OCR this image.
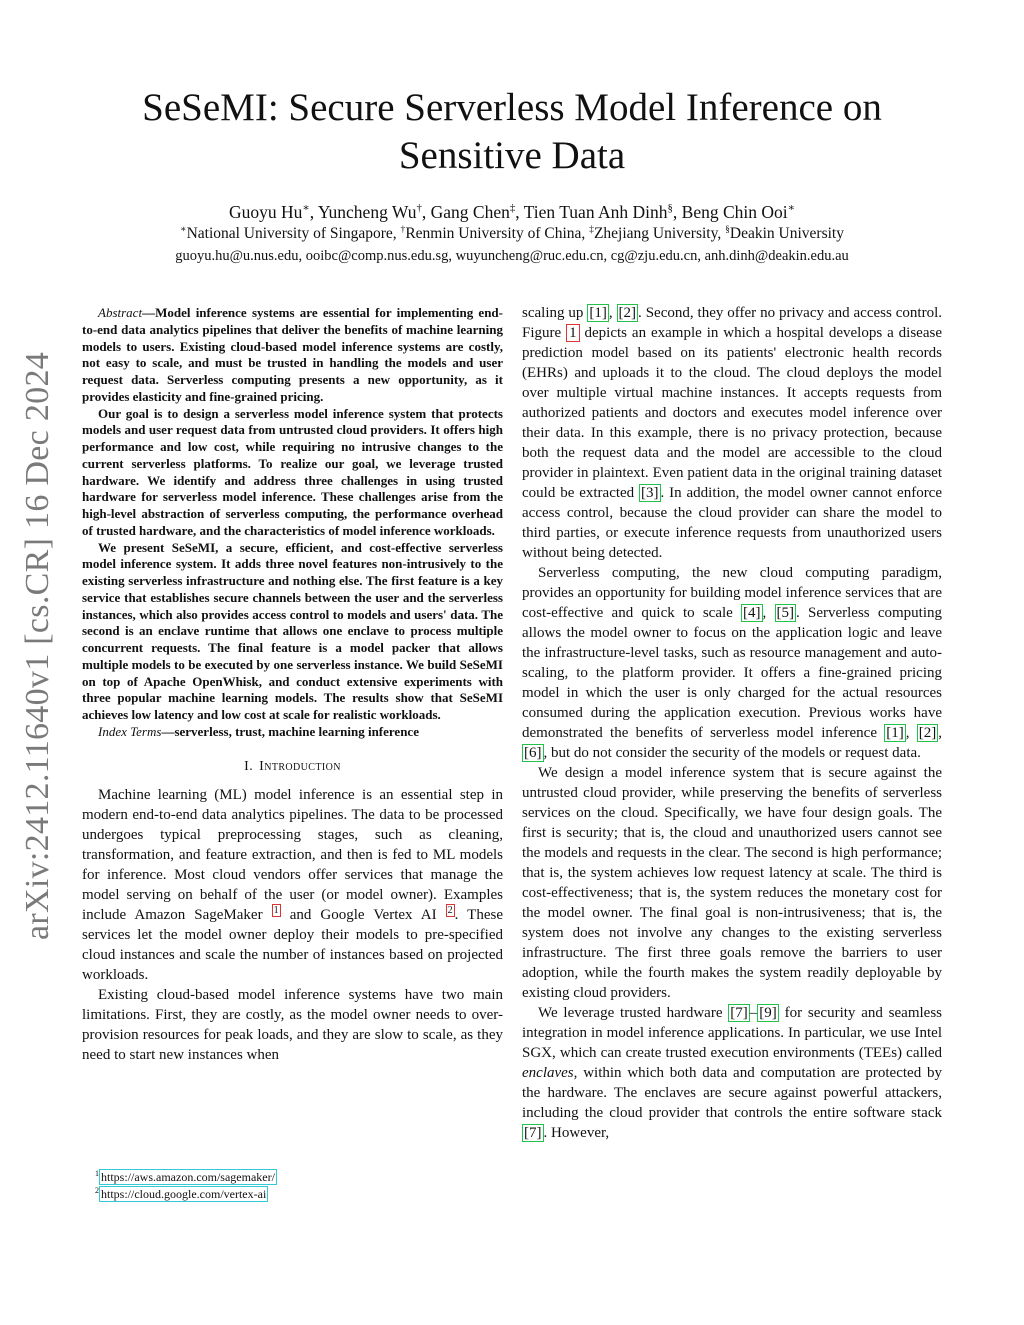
arXiv:2412.11640v1 [cs.CR] 16 Dec 2024
SeSeMI: Secure Serverless Model Inference on Sensitive Data
Guoyu Hu∗, Yuncheng Wu†, Gang Chen‡, Tien Tuan Anh Dinh§, Beng Chin Ooi∗
∗National University of Singapore, †Renmin University of China, ‡Zhejiang University, §Deakin University
guoyu.hu@u.nus.edu, ooibc@comp.nus.edu.sg, wuyuncheng@ruc.edu.cn, cg@zju.edu.cn, anh.dinh@deakin.edu.au

Abstract—Model inference systems are essential for implementing end-to-end data analytics pipelines that deliver the benefits of machine learning models to users. Existing cloud-based model inference systems are costly, not easy to scale, and must be trusted in handling the models and user request data. Serverless computing presents a new opportunity, as it provides elasticity and fine-grained pricing.

Our goal is to design a serverless model inference system that protects models and user request data from untrusted cloud providers. It offers high performance and low cost, while requiring no intrusive changes to the current serverless platforms. To realize our goal, we leverage trusted hardware. We identify and address three challenges in using trusted hardware for serverless model inference. These challenges arise from the high-level abstraction of serverless computing, the performance overhead of trusted hardware, and the characteristics of model inference workloads.

We present SeSeMI, a secure, efficient, and cost-effective serverless model inference system. It adds three novel features non-intrusively to the existing serverless infrastructure and nothing else. The first feature is a key service that establishes secure channels between the user and the serverless instances, which also provides access control to models and users' data. The second is an enclave runtime that allows one enclave to process multiple concurrent requests. The final feature is a model packer that allows multiple models to be executed by one serverless instance. We build SeSeMI on top of Apache OpenWhisk, and conduct extensive experiments with three popular machine learning models. The results show that SeSeMI achieves low latency and low cost at scale for realistic workloads.

Index Terms—serverless, trust, machine learning inference

I. Introduction

Machine learning (ML) model inference is an essential step in modern end-to-end data analytics pipelines. The data to be processed undergoes typical preprocessing stages, such as cleaning, transformation, and feature extraction, and then is fed to ML models for inference. Most cloud vendors offer services that manage the model serving on behalf of the user (or model owner). Examples include Amazon SageMaker $^1$ and Google Vertex AI $^2$ . These services let the model owner deploy their models to pre-specified cloud instances and scale the number of instances based on projected workloads.

Existing cloud-based model inference systems have two main limitations. First, they are costly, as the model owner needs to over-provision resources for peak loads, and they are slow to scale, as they need to start new instances when

$^1$ https://aws.amazon.com/sagemaker/

$^2$ https://cloud.google.com/vertex-ai

scaling up [1] , [2] . Second, they offer no privacy and access control. Figure 1 depicts an example in which a hospital develops a disease prediction model based on its patients' electronic health records (EHRs) and uploads it to the cloud. The cloud deploys the model over multiple virtual machine instances. It accepts requests from authorized patients and doctors and executes model inference over their data. In this example, there is no privacy protection, because both the request data and the model are accessible to the cloud provider in plaintext. Even patient data in the original training dataset could be extracted [3] . In addition, the model owner cannot enforce access control, because the cloud provider can share the model to third parties, or execute inference requests from unauthorized users without being detected.

Serverless computing, the new cloud computing paradigm, provides an opportunity for building model inference services that are cost-effective and quick to scale [4] , [5] . Serverless computing allows the model owner to focus on the application logic and leave the infrastructure-level tasks, such as resource management and auto-scaling, to the platform provider. It offers a fine-grained pricing model in which the user is only charged for the actual resources consumed during the application execution. Previous works have demonstrated the benefits of serverless model inference [1] , [2] , [6] , but do not consider the security of the models or request data.

We design a model inference system that is secure against the untrusted cloud provider, while preserving the benefits of serverless services on the cloud. Specifically, we have four design goals. The first is security; that is, the cloud and unauthorized users cannot see the models and requests in the clear. The second is high performance; that is, the system achieves low request latency at scale. The third is cost-effectiveness; that is, the system reduces the monetary cost for the model owner. The final goal is non-intrusiveness; that is, the system does not involve any changes to the existing serverless infrastructure. The first three goals remove the barriers to user adoption, while the fourth makes the system readily deployable by existing cloud providers.

We leverage trusted hardware [7] – [9] for security and seamless integration in model inference applications. In particular, we use Intel SGX, which can create trusted execution environments (TEEs) called enclaves, within which both data and computation are protected by the hardware. The enclaves are secure against powerful attackers, including the cloud provider that controls the entire software stack [7] . However,
